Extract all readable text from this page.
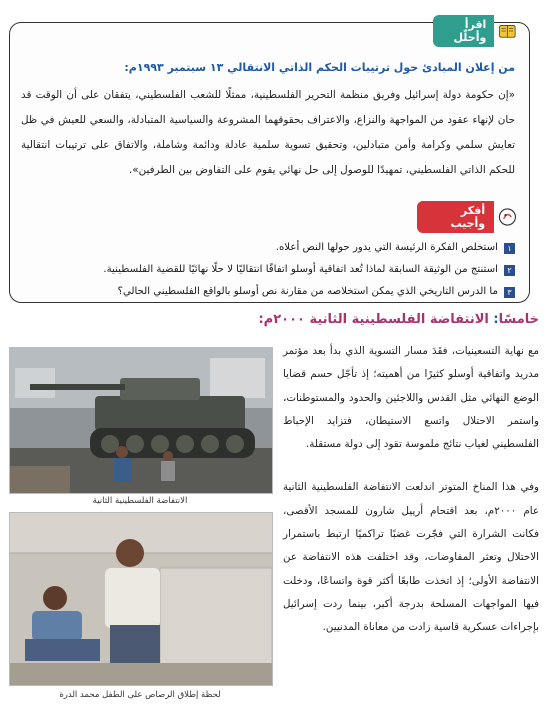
اقرأ وأحلّل
من إعلان المبادئ حول ترتيبات الحكم الذاتي الانتقالي ١٣ سبتمبر ١٩٩٣م:
«إن حكومة دولة إسرائيل وفريق منظمة التحرير الفلسطينية، ممثلًا للشعب الفلسطيني، يتفقان على أن الوقت قد حان لإنهاء عقود من المواجهة والنزاع، والاعتراف بحقوقهما المشروعة والسياسية المتبادلة، والسعي للعيش في ظل تعايش سلمي وكرامة وأمن متبادلين، وتحقيق تسوية سلمية عادلة ودائمة وشاملة، والاتفاق على ترتيبات انتقالية للحكم الذاتي الفلسطيني، تمهيدًا للوصول إلى حل نهائي يقوم على التفاوض بين الطرفين».
أفكر وأجيب
١
استخلص الفكرة الرئيسة التي يدور حولها النص أعلاه.
٢
استنتج من الوثيقة السابقة لماذا تُعد اتفاقية أوسلو اتفاقًا انتقاليًا لا حلًا نهائيًا للقضية الفلسطينية.
٣
ما الدرس التاريخي الذي يمكن استخلاصه من مقارنة نص أوسلو بالواقع الفلسطيني الحالي؟
خامسًا: الانتفاضة الفلسطينية الثانية ٢٠٠٠م:

مع نهاية التسعينيات، فقَدَ مسار التسوية الذي بدأ بعد مؤتمر مدريد واتفاقية أوسلو كثيرًا من أهميته؛ إذ تأجّل حسم قضايا الوضع النهائي مثل القدس واللاجئين والحدود والمستوطنات، واستمر الاحتلال واتسع الاستيطان، فتزايد الإحباط الفلسطيني لغياب نتائج ملموسة تقود إلى دولة مستقلة.

وفي هذا المناخ المتوتر اندلعت الانتفاضة الفلسطينية الثانية عام ٢٠٠٠م، بعد اقتحام أرييل شارون للمسجد الأقصى، فكانت الشرارة التي فجّرت غضبًا تراكميًا ارتبط باستمرار الاحتلال وتعثر المفاوضات، وقد اختلفت هذه الانتفاضة عن الانتفاضة الأولى؛ إذ اتخذت طابعًا أكثر قوة واتساعًا، ودخلت فيها المواجهات المسلحة بدرجة أكبر، بينما ردت إسرائيل بإجراءات عسكرية قاسية زادت من معاناة المدنيين.

الانتفاضة الفلسطينية الثانية
لحظة إطلاق الرصاص على الطفل محمد الدرة
